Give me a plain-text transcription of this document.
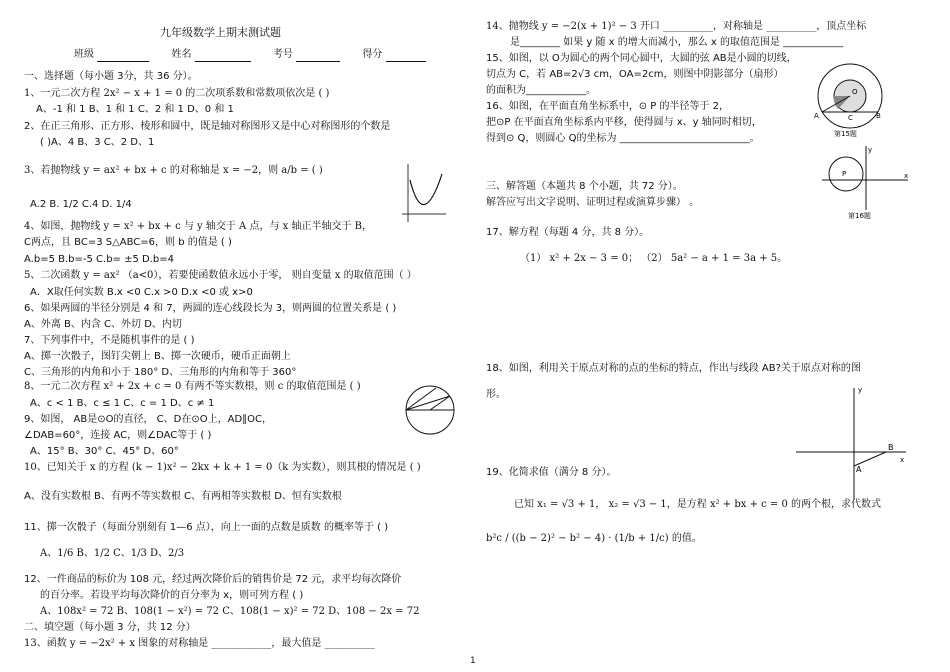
九年级数学上期末测试题
班级	姓名	考号	得分
一、选择题（每小题 3分，共 36 分）。
1、一元二次方程 2x² − x + 1 = 0 的二次项系数和常数项依次是 ( )
A、-1 和 1 B、1 和 1 C、2 和 1 D、0 和 1
2、在正三角形、正方形、棱形和圆中，既是轴对称图形又是中心对称图形的个数是
( )A、4 B、3 C、2 D、1
3、若抛物线 y = ax² + bx + c 的对称轴是 x = −2，则 a/b = ( )
A.2 B. 1/2 C.4 D. 1/4
4、如图，抛物线 y = x² + bx + c 与 y 轴交于 A 点，与 x 轴正半轴交于 B，
C两点，且 BC=3 S△ABC=6，则 b 的值是 ( )
A.b=5 B.b=-5 C.b= ±5 D.b=4
5、二次函数 y = ax² （a<0），若要使函数值永远小于零， 则自变量 x 的取值范围（ ）
A．X取任何实数 B.x <0 C.x >0 D.x <0 或 x>0
6、如果两圆的半径分别是 4 和 7，两圆的连心线段长为 3，则两圆的位置关系是 ( )
A、外离 B、内含 C、外切 D、内切
7、下列事件中，不是随机事件的是 ( )
A、掷一次骰子，图钉尖朝上 B、掷一次硬币，硬币正面朝上
C、三角形的内角和小于 180° D、三角形的内角和等于 360°
8、一元二次方程 x² + 2x + c = 0 有两不等实数根，则 c 的取值范围是 ( )
A、c < 1 B、c ≤ 1 C、c = 1 D、c ≠ 1
9、如图， AB是⊙O的直径， C、D在⊙O上，AD∥OC，
∠DAB=60°，连接 AC，则∠DAC等于 ( )
A、15° B、30° C、45° D、60°
10、已知关于 x 的方程 (k − 1)x² − 2kx + k + 1 = 0（k 为实数），则其根的情况是 ( )
A、没有实数根 B、有两不等实数根 C、有两相等实数根 D、恒有实数根
11、掷一次骰子（每面分别刻有 1—6 点），向上一面的点数是质数 的概率等于 ( )
A、1/6 B、1/2 C、1/3 D、2/3
12、一件商品的标价为 108 元，经过两次降价后的销售价是 72 元，求平均每次降价
的百分率。若设平均每次降价的百分率为 x，则可列方程 ( )
A、108x² = 72 B、108(1 − x²) = 72 C、108(1 − x)² = 72 D、108 − 2x = 72
二、填空题（每小题 3 分，共 12 分）
13、函数 y = −2x² + x 图象的对称轴是 ____________，最大值是 __________
14、抛物线 y = −2(x + 1)² − 3 开口 __________，对称轴是 __________，顶点坐标
是________ 如果 y 随 x 的增大而减小，那么 x 的取值范围是 ____________
15、如图，以 O为圆心的两个同心圆中，大圆的弦 AB是小圆的切线，
切点为 C，若 AB=2√3 cm，OA=2cm，则图中阴影部分（扇形）
的面积为____________。
16、如图，在平面直角坐标系中，⊙ P 的半径等于 2，
把⊙P 在平面直角坐标系内平移，使得圆与 x、y 轴同时相切，
得到⊙ Q，则圆心 Q的坐标为 __________________________。
三、解答题（本题共 8 个小题，共 72 分）。
解答应写出文字说明、证明过程或演算步骤） 。
17、解方程（每题 4 分，共 8 分）。
（1） x² + 2x − 3 = 0； （2） 5a² − a + 1 = 3a + 5。
18、如图，利用关于原点对称的点的坐标的特点，作出与线段 AB?关于原点对称的图
形。
19、化简求值（满分 8 分）。
已知 x₁ = √3 + 1， x₂ = √3 − 1，是方程 x² + bx + c = 0 的两个根，求代数式
b²c / ((b − 2)² − b² − 4) · (1/b + 1/c) 的值。
A	B
C
O
第15题
P	x
y
第16题
B
A
y
x
1
